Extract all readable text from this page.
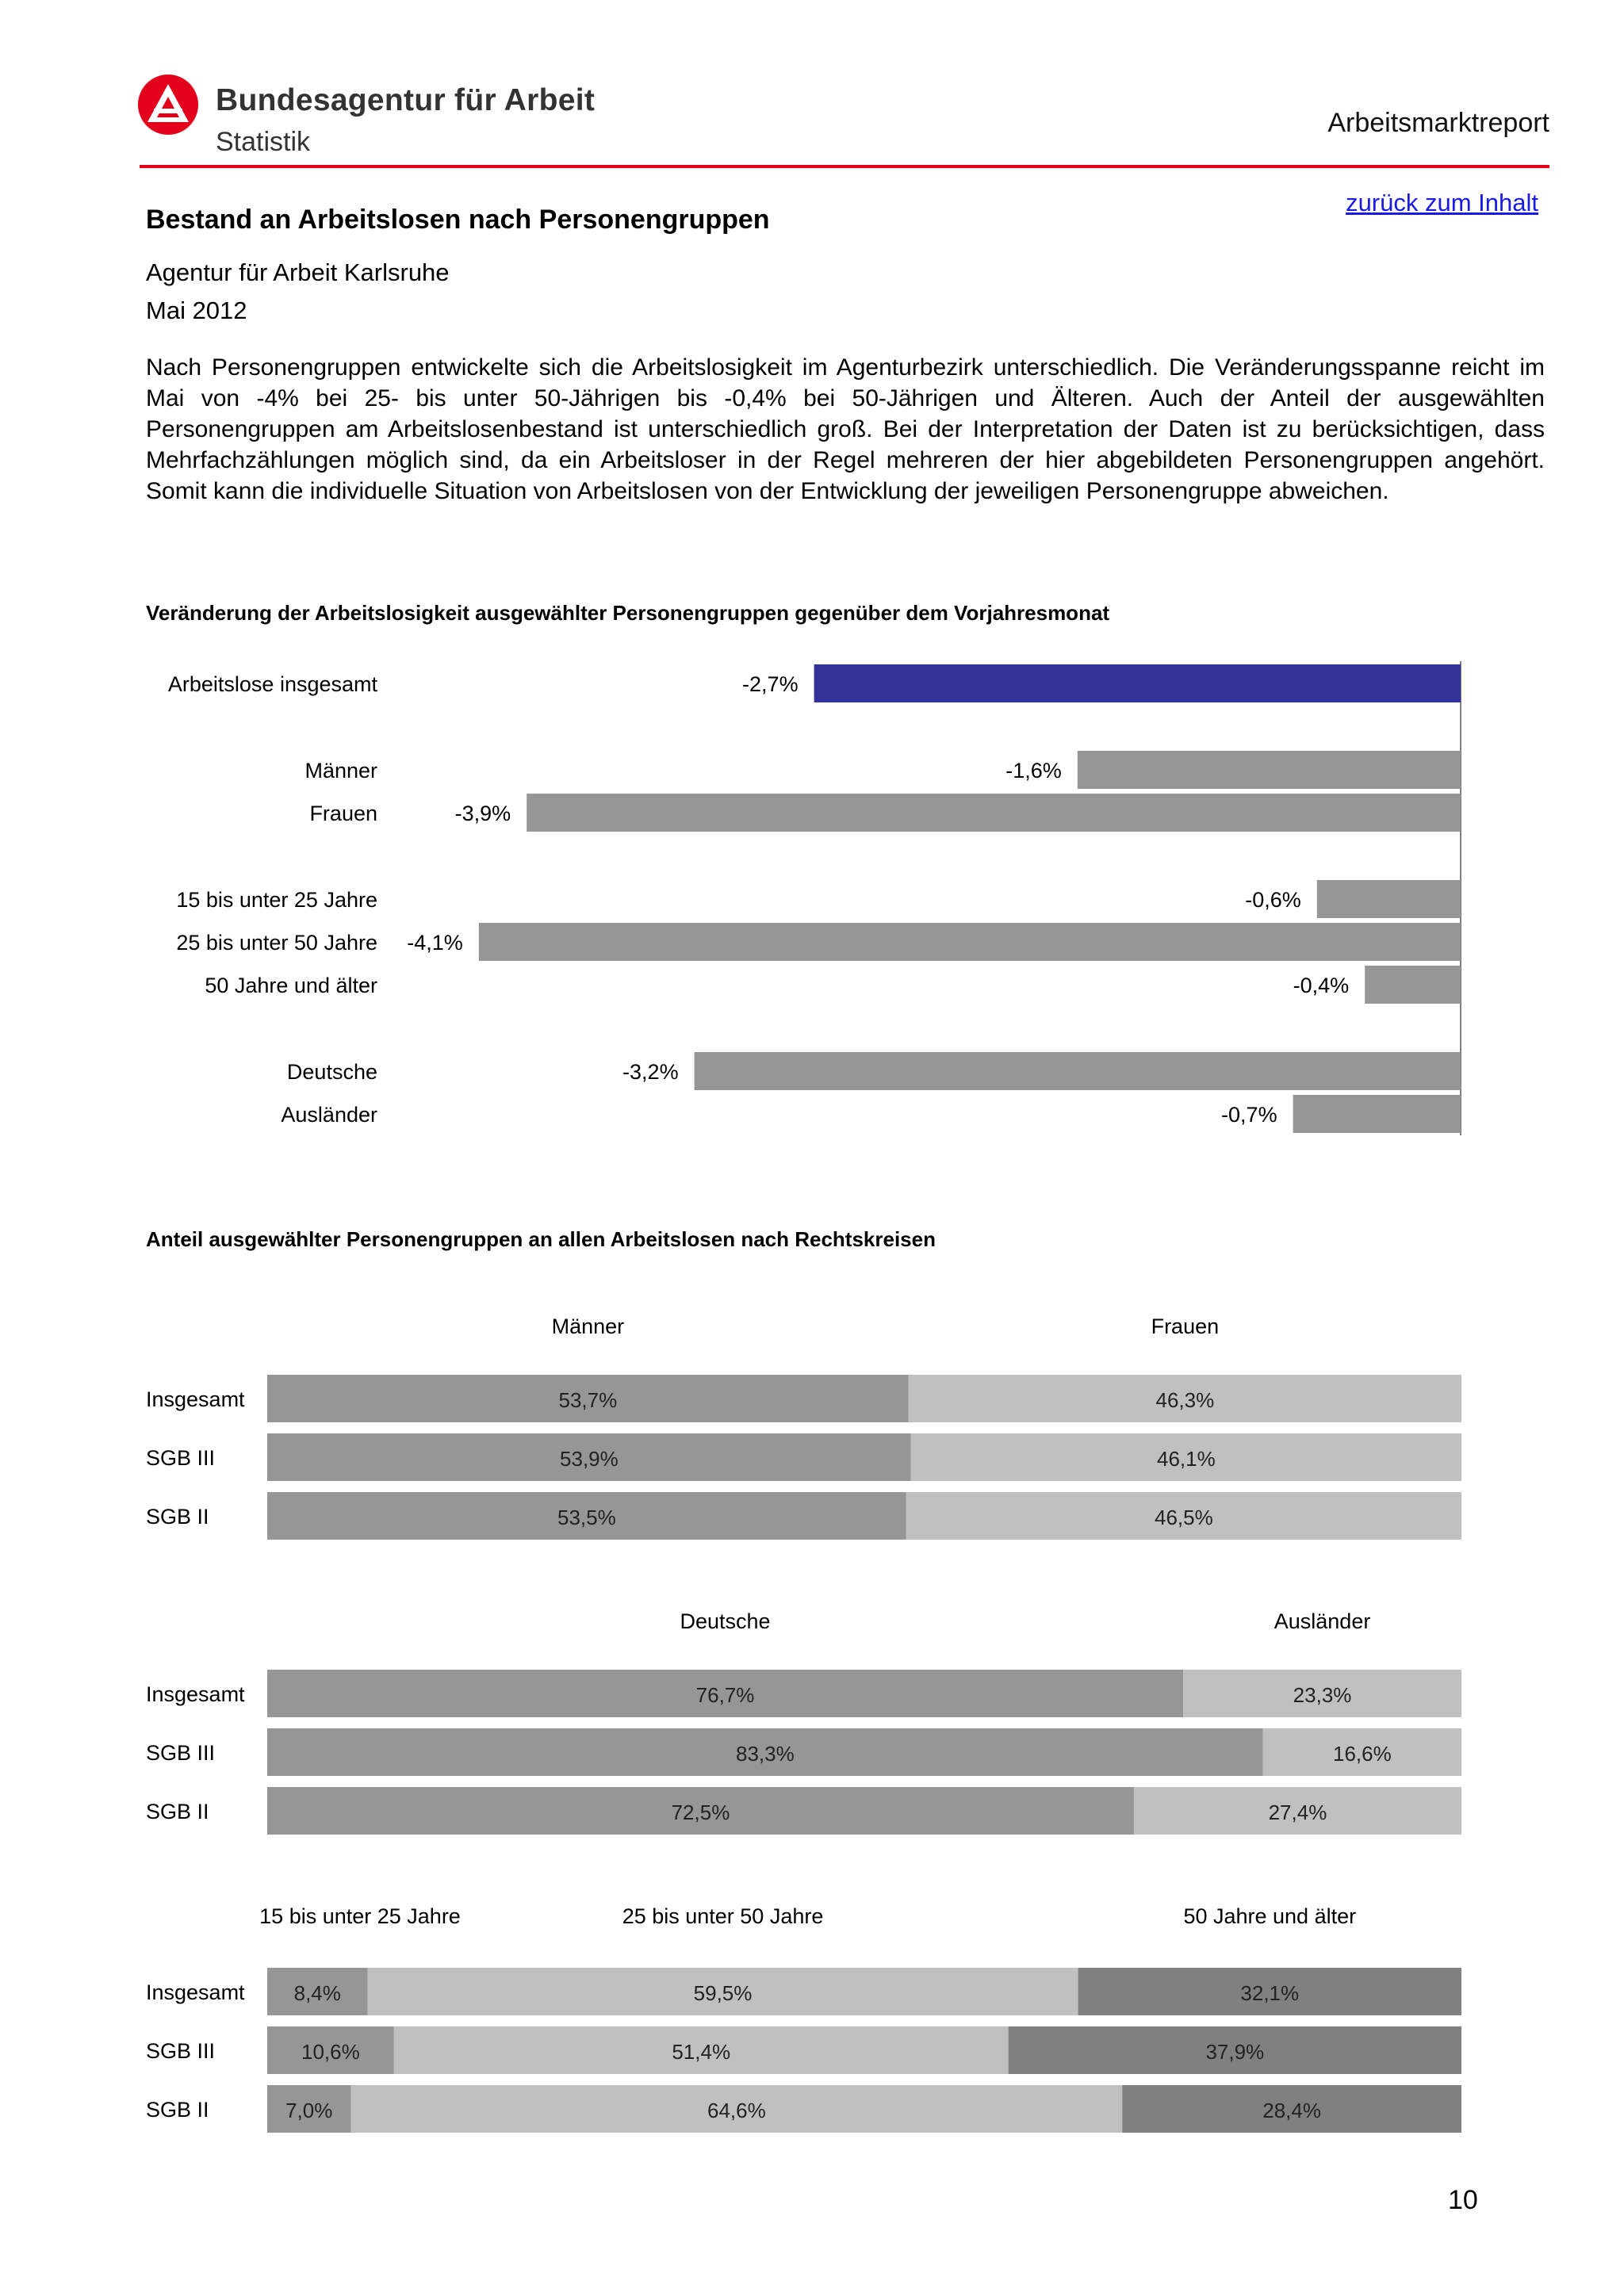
Bundesagentur für Arbeit
Statistik
Arbeitsmarktreport
zurück zum Inhalt
Bestand an Arbeitslosen nach Personengruppen
Agentur für Arbeit Karlsruhe
Mai 2012
Nach Personengruppen entwickelte sich die Arbeitslosigkeit im Agenturbezirk unterschiedlich. Die Veränderungsspanne reicht im Mai von -4% bei 25- bis unter 50-Jährigen bis -0,4% bei 50-Jährigen und Älteren. Auch der Anteil der ausgewählten Personengruppen am Arbeitslosenbestand ist unterschiedlich groß. Bei der Interpretation der Daten ist zu berücksichtigen, dass Mehrfachzählungen möglich sind, da ein Arbeitsloser in der Regel mehreren der hier abgebildeten Personengruppen angehört. Somit kann die individuelle Situation von Arbeitslosen von der Entwicklung der jeweiligen Personengruppe abweichen.
Veränderung der Arbeitslosigkeit ausgewählter Personengruppen gegenüber dem Vorjahresmonat
-2,7%
Arbeitslose insgesamt
-1,6%
Männer
-3,9%
Frauen
-0,6%
15 bis unter 25 Jahre
-4,1%
25 bis unter 50 Jahre
-0,4%
50 Jahre und älter
-3,2%
Deutsche
-0,7%
Ausländer
Anteil ausgewählter Personengruppen an allen Arbeitslosen nach Rechtskreisen
Männer	Frauen
Insgesamt	53,7%	46,3%
SGB III	53,9%	46,1%
SGB II	53,5%	46,5%
Deutsche	Ausländer
Insgesamt	76,7%	23,3%
SGB III	83,3%	16,6%
SGB II	72,5%	27,4%
15 bis unter 25 Jahre	25 bis unter 50 Jahre	50 Jahre und älter
Insgesamt 8,4%	59,5%	32,1%
SGB III	10,6%	51,4%	37,9%
SGB II	7,0%	64,6%	28,4%
10
